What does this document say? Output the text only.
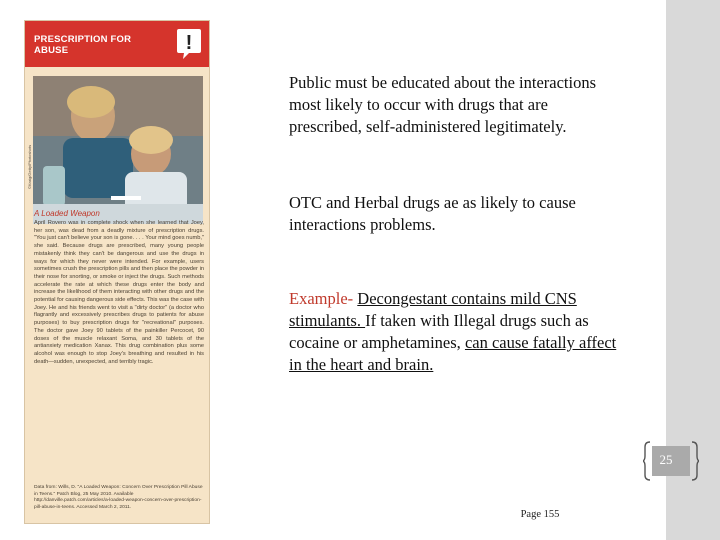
PRESCRIPTION FOR
ABUSE	!
©Kraig/Getty/Photoshots
A Loaded Weapon
April Rovero was in complete shock when she learned that Joey, her son, was dead from a deadly mixture of prescription drugs. "You just can't believe your son is gone. . . . Your mind goes numb," she said. Because drugs are prescribed, many young people mistakenly think they can't be dangerous and use the drugs in ways for which they never were intended. For example, users sometimes crush the prescription pills and then place the powder in their nose for snorting, or smoke or inject the drugs. Such methods accelerate the rate at which these drugs enter the body and increase the likelihood of them interacting with other drugs and the potential for causing dangerous side effects. This was the case with Joey. He and his friends went to visit a "dirty doctor" (a doctor who flagrantly and excessively prescribes drugs to patients for abuse purposes) to buy prescription drugs for "recreational" purposes. The doctor gave Joey 90 tablets of the painkiller Percocet, 90 doses of the muscle relaxant Soma, and 30 tablets of the antianxiety medication Xanax. This drug combination plus some alcohol was enough to stop Joey's breathing and resulted in his death—sudden, unexpected, and terribly tragic.
Data from: Wills, D. "A Loaded Weapon: Concern Over Prescription Pill Abuse in Teens." Patch Blog, 25 May 2010. Available http://danville.patch.com/articles/a-loaded-weapon-concern-over-prescription-pill-abuse-in-teens. Accessed March 2, 2011.

Public must be educated about the interactions most likely to occur with drugs that are prescribed, self-administered legitimately.

OTC and Herbal drugs ae as likely to cause interactions problems.

Example- Decongestant contains mild CNS stimulants. If taken with Illegal drugs such as cocaine or amphetamines, can cause fatally affect in the heart and brain.

25
Page 155
